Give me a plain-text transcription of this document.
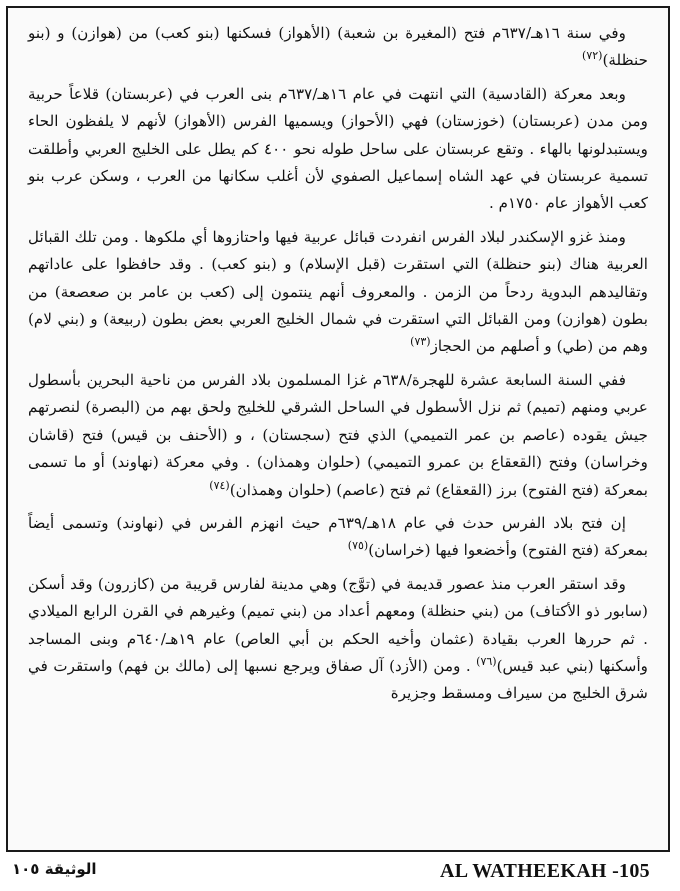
وفي سنة ١٦هـ/٦٣٧م فتح (المغيرة بن شعبة) (الأهواز) فسكنها (بنو كعب) من (هوازن) و (بنو حنظلة)$^{(٧٢)}$

وبعد معركة (القادسية) التي انتهت في عام ١٦هـ/٦٣٧م بنى العرب في (عربستان) قلاعاً حربية ومن مدن (عربستان) (خوزستان) فهي (الأحواز) ويسميها الفرس (الأهواز) لأنهم لا يلفظون الحاء ويستبدلونها بالهاء . وتقع عربستان على ساحل طوله نحو ٤٠٠ كم يطل على الخليج العربي وأطلقت تسمية عربستان في عهد الشاه إسماعيل الصفوي لأن أغلب سكانها من العرب ، وسكن عرب بنو كعب الأهواز عام ١٧٥٠م .

ومنذ غزو الإسكندر لبلاد الفرس انفردت قبائل عربية فيها واحتازوها أي ملكوها . ومن تلك القبائل العربية هناك (بنو حنظلة) التي استقرت (قبل الإسلام) و (بنو كعب) . وقد حافظوا على عاداتهم وتقاليدهم البدوية ردحاً من الزمن . والمعروف أنهم ينتمون إلى (كعب بن عامر بن صعصعة) من بطون (هوازن) ومن القبائل التي استقرت في شمال الخليج العربي بعض بطون (ربيعة) و (بني لام) وهم من (طي) و أصلهم من الحجاز$^{(٧٣)}$

ففي السنة السابعة عشرة للهجرة/٦٣٨م غزا المسلمون بلاد الفرس من ناحية البحرين بأسطول عربي ومنهم (تميم) ثم نزل الأسطول في الساحل الشرقي للخليج ولحق بهم من (البصرة) لنصرتهم جيش يقوده (عاصم بن عمر التميمي) الذي فتح (سجستان) ، و (الأحنف بن قيس) فتح (قاشان وخراسان) وفتح (القعقاع بن عمرو التميمي) (حلوان وهمذان) . وفي معركة (نهاوند) أو ما تسمى بمعركة (فتح الفتوح) برز (القعقاع) ثم فتح (عاصم) (حلوان وهمذان)$^{(٧٤)}$

إن فتح بلاد الفرس حدث في عام ١٨هـ/٦٣٩م حيث انهزم الفرس في (نهاوند) وتسمى أيضاً بمعركة (فتح الفتوح) وأخضعوا فيها (خراسان)$^{(٧٥)}$

وقد استقر العرب منذ عصور قديمة في (توَّج) وهي مدينة لفارس قريبة من (كازرون) وقد أسكن (سابور ذو الأكتاف) من (بني حنظلة) ومعهم أعداد من (بني تميم) وغيرهم في القرن الرابع الميلادي . ثم حررها العرب بقيادة (عثمان وأخيه الحكم بن أبي العاص) عام ١٩هـ/٦٤٠م وبنى المساجد وأسكنها (بني عبد قيس)$^{(٧٦)}$ . ومن (الأزد) آل صفاق ويرجع نسبها إلى (مالك بن فهم) واستقرت في شرق الخليج من سيراف ومسقط وجزيرة

الوثيقة ١٠٥	AL WATHEEKAH -105
